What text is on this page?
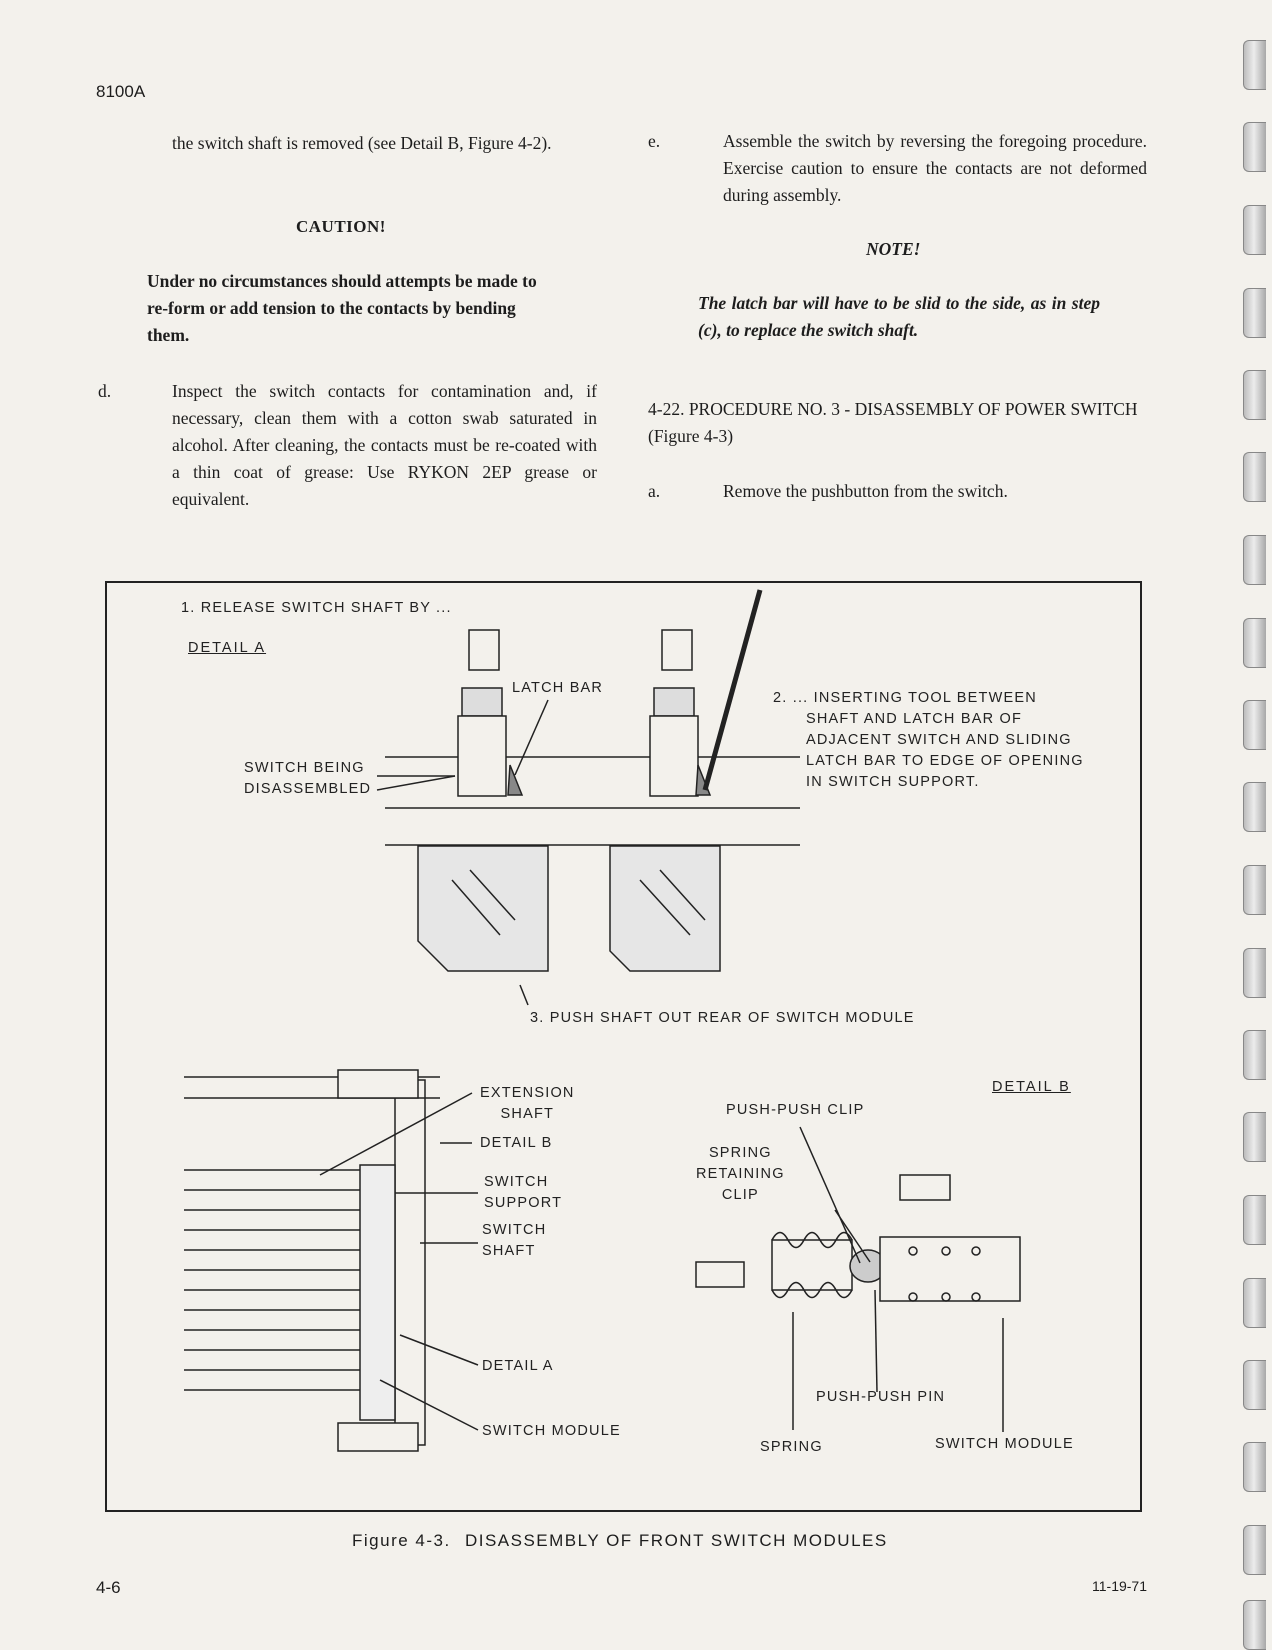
8100A
4-6	11-19-71
the switch shaft is removed (see Detail B, Figure 4-2).
CAUTION!
Under no circumstances should attempts be made to re-form or add tension to the contacts by bending them.
d.	Inspect the switch contacts for contamination and, if necessary, clean them with a cotton swab saturated in alcohol. After cleaning, the contacts must be re-coated with a thin coat of grease: Use RYKON 2EP grease or equivalent.
e.	Assemble the switch by reversing the foregoing procedure. Exercise caution to ensure the contacts are not deformed during assembly.
NOTE!
The latch bar will have to be slid to the side, as in step (c), to replace the switch shaft.
4-22. PROCEDURE NO. 3 - DISASSEMBLY OF POWER SWITCH (Figure 4-3)
a.	Remove the pushbutton from the switch.
1. RELEASE SWITCH SHAFT BY ...
DETAIL A
LATCH BAR
SWITCH BEING
DISASSEMBLED
2. ... INSERTING TOOL BETWEEN
SHAFT AND LATCH BAR OF
ADJACENT SWITCH AND SLIDING
LATCH BAR TO EDGE OF OPENING
IN SWITCH SUPPORT.
3. PUSH SHAFT OUT REAR OF SWITCH MODULE
EXTENSION
SHAFT
DETAIL B
SWITCH
SUPPORT
SWITCH
SHAFT
DETAIL A
SWITCH MODULE
DETAIL B
PUSH-PUSH CLIP
SPRING
RETAINING
CLIP
PUSH-PUSH PIN
SPRING	SWITCH MODULE
Figure 4-3. DISASSEMBLY OF FRONT SWITCH MODULES
